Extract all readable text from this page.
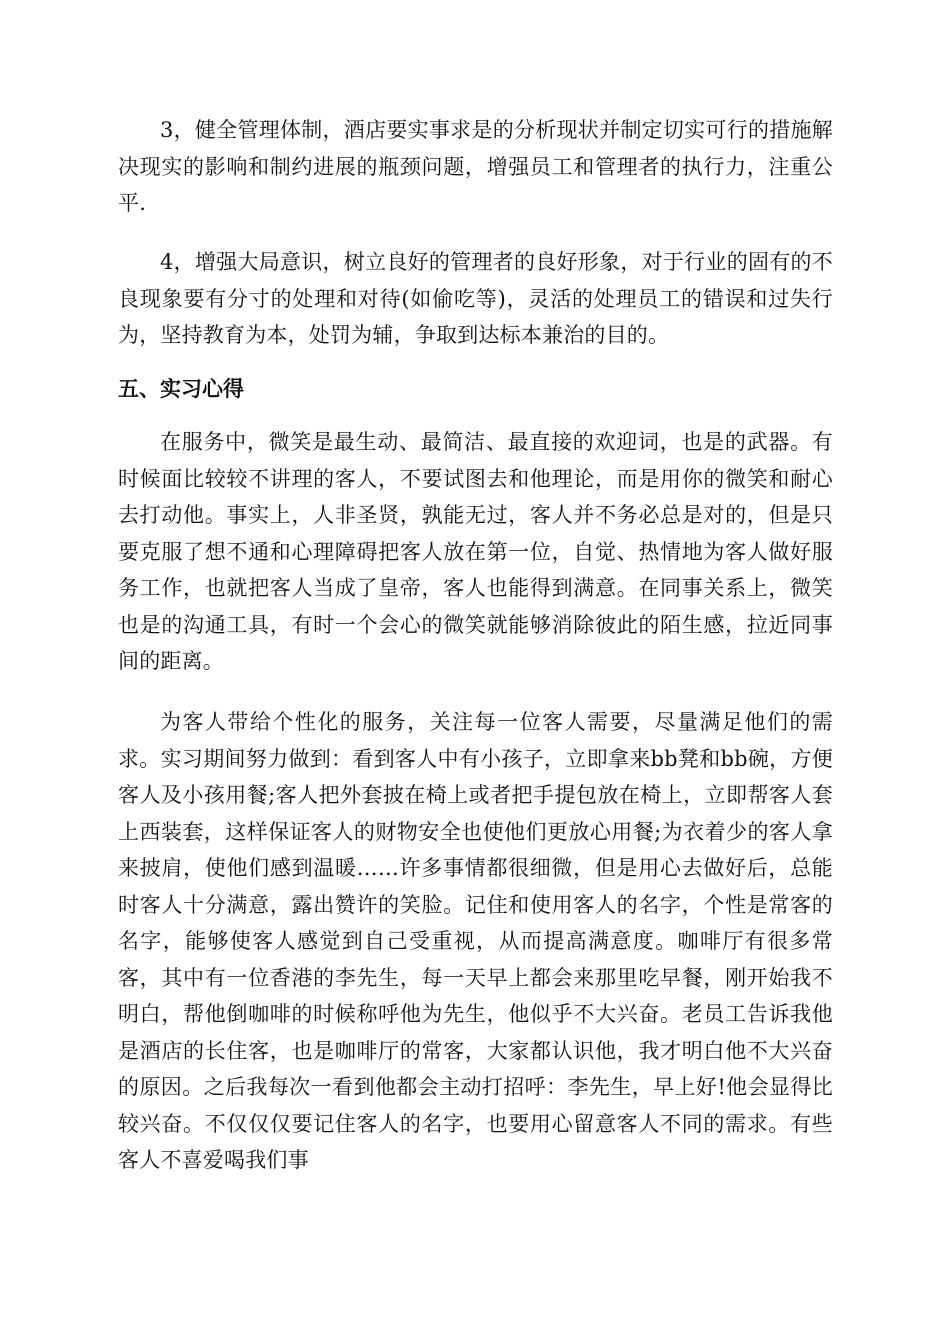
3，健全管理体制，酒店要实事求是的分析现状并制定切实可行的措施解决现实的影响和制约进展的瓶颈问题，增强员工和管理者的执行力，注重公平.

4，增强大局意识，树立良好的管理者的良好形象，对于行业的固有的不良现象要有分寸的处理和对待(如偷吃等)，灵活的处理员工的错误和过失行为，坚持教育为本，处罚为辅，争取到达标本兼治的目的。

五、实习心得

在服务中，微笑是最生动、最简洁、最直接的欢迎词，也是的武器。有时候面比较较不讲理的客人，不要试图去和他理论，而是用你的微笑和耐心去打动他。事实上，人非圣贤，孰能无过，客人并不务必总是对的，但是只要克服了想不通和心理障碍把客人放在第一位，自觉、热情地为客人做好服务工作，也就把客人当成了皇帝，客人也能得到满意。在同事关系上，微笑也是的沟通工具，有时一个会心的微笑就能够消除彼此的陌生感，拉近同事间的距离。

为客人带给个性化的服务，关注每一位客人需要，尽量满足他们的需求。实习期间努力做到：看到客人中有小孩子，立即拿来bb凳和bb碗，方便客人及小孩用餐;客人把外套披在椅上或者把手提包放在椅上，立即帮客人套上西装套，这样保证客人的财物安全也使他们更放心用餐;为衣着少的客人拿来披肩，使他们感到温暖……许多事情都很细微，但是用心去做好后，总能时客人十分满意，露出赞许的笑脸。记住和使用客人的名字，个性是常客的名字，能够使客人感觉到自己受重视，从而提高满意度。咖啡厅有很多常客，其中有一位香港的李先生，每一天早上都会来那里吃早餐，刚开始我不明白，帮他倒咖啡的时候称呼他为先生，他似乎不大兴奋。老员工告诉我他是酒店的长住客，也是咖啡厅的常客，大家都认识他，我才明白他不大兴奋的原因。之后我每次一看到他都会主动打招呼：李先生，早上好!他会显得比较兴奋。不仅仅仅要记住客人的名字，也要用心留意客人不同的需求。有些客人不喜爱喝我们事
